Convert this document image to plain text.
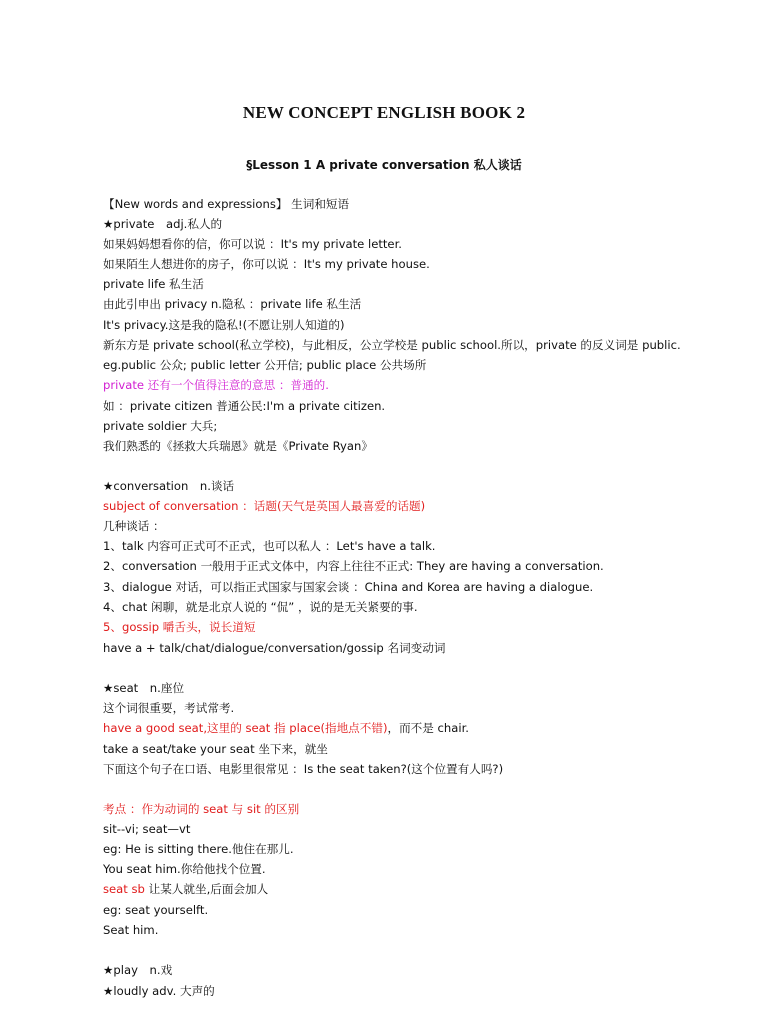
NEW CONCEPT ENGLISH BOOK 2
§Lesson 1 A private conversation 私人谈话
【New words and expressions】 生词和短语
★private　adj.私人的
如果妈妈想看你的信，你可以说 ：It's my private letter.
如果陌生人想进你的房子，你可以说 ：It's my private house.
private life 私生活
由此引申出 privacy n.隐私 ：private life 私生活
It's privacy.这是我的隐私!(不愿让别人知道的)
新东方是 private school(私立学校)，与此相反，公立学校是 public school.所以，private 的反义词是 public.
eg.public 公众; public letter 公开信; public place 公共场所
private 还有一个值得注意的意思 ：普通的.
如 ：private citizen 普通公民:I'm a private citizen.
private soldier 大兵;
我们熟悉的《拯救大兵瑞恩》就是《Private Ryan》
★conversation　n.谈话
subject of conversation ：话题(天气是英国人最喜爱的话题)
几种谈话 ：
1、talk 内容可正式可不正式，也可以私人 ：Let's have a talk.
2、conversation 一般用于正式文体中，内容上往往不正式: They are having a conversation.
3、dialogue 对话，可以指正式国家与国家会谈 ：China and Korea are having a dialogue.
4、chat 闲聊，就是北京人说的 “侃” ，说的是无关紧要的事.
5、gossip 嚼舌头，说长道短
have a + talk/chat/dialogue/conversation/gossip 名词变动词
★seat　n.座位
这个词很重要，考试常考.
have a good seat,这里的 seat 指 place(指地点不错)，而不是 chair.
take a seat/take your seat 坐下来，就坐
下面这个句子在口语、电影里很常见 ：Is the seat taken?(这个位置有人吗?)
考点 ：作为动词的 seat 与 sit 的区别
sit--vi; seat—vt
eg: He is sitting there.他住在那儿.
You seat him.你给他找个位置.
seat sb 让某人就坐,后面会加人
eg: seat yourselft.
Seat him.
★play　n.戏
★loudly adv. 大声的
